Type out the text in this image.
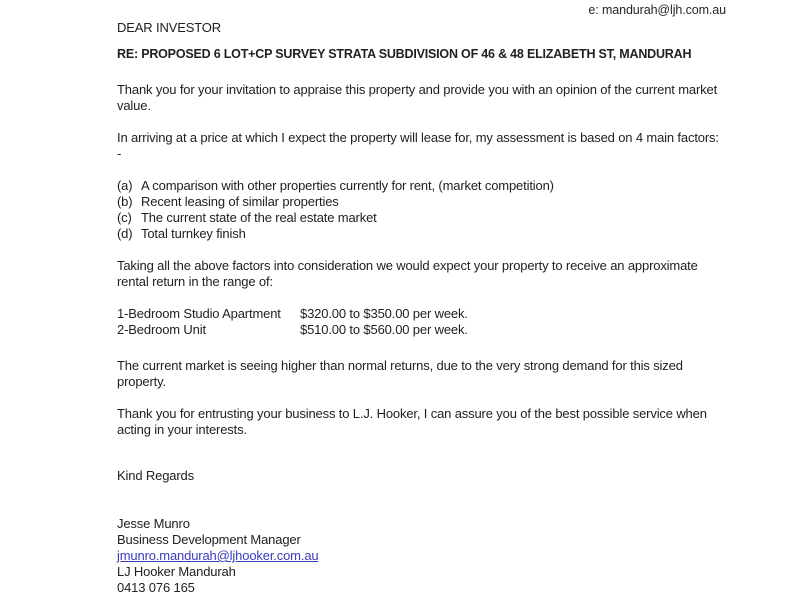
e: mandurah@ljh.com.au
DEAR INVESTOR
RE: PROPOSED 6 LOT+CP SURVEY STRATA SUBDIVISION OF 46 & 48 ELIZABETH ST, MANDURAH
Thank you for your invitation to appraise this property and provide you with an opinion of the current market value.
In arriving at a price at which I expect the property will lease for, my assessment is based on 4 main factors: -
(a) A comparison with other properties currently for rent, (market competition)
(b) Recent leasing of similar properties
(c) The current state of the real estate market
(d) Total turnkey finish
Taking all the above factors into consideration we would expect your property to receive an approximate rental return in the range of:
1-Bedroom Studio Apartment	$320.00 to $350.00 per week.
2-Bedroom Unit	$510.00 to $560.00 per week.
The current market is seeing higher than normal returns, due to the very strong demand for this sized property.
Thank you for entrusting your business to L.J. Hooker, I can assure you of the best possible service when acting in your interests.
Kind Regards
Jesse Munro
Business Development Manager
jmunro.mandurah@ljhooker.com.au
LJ Hooker Mandurah
0413 076 165
